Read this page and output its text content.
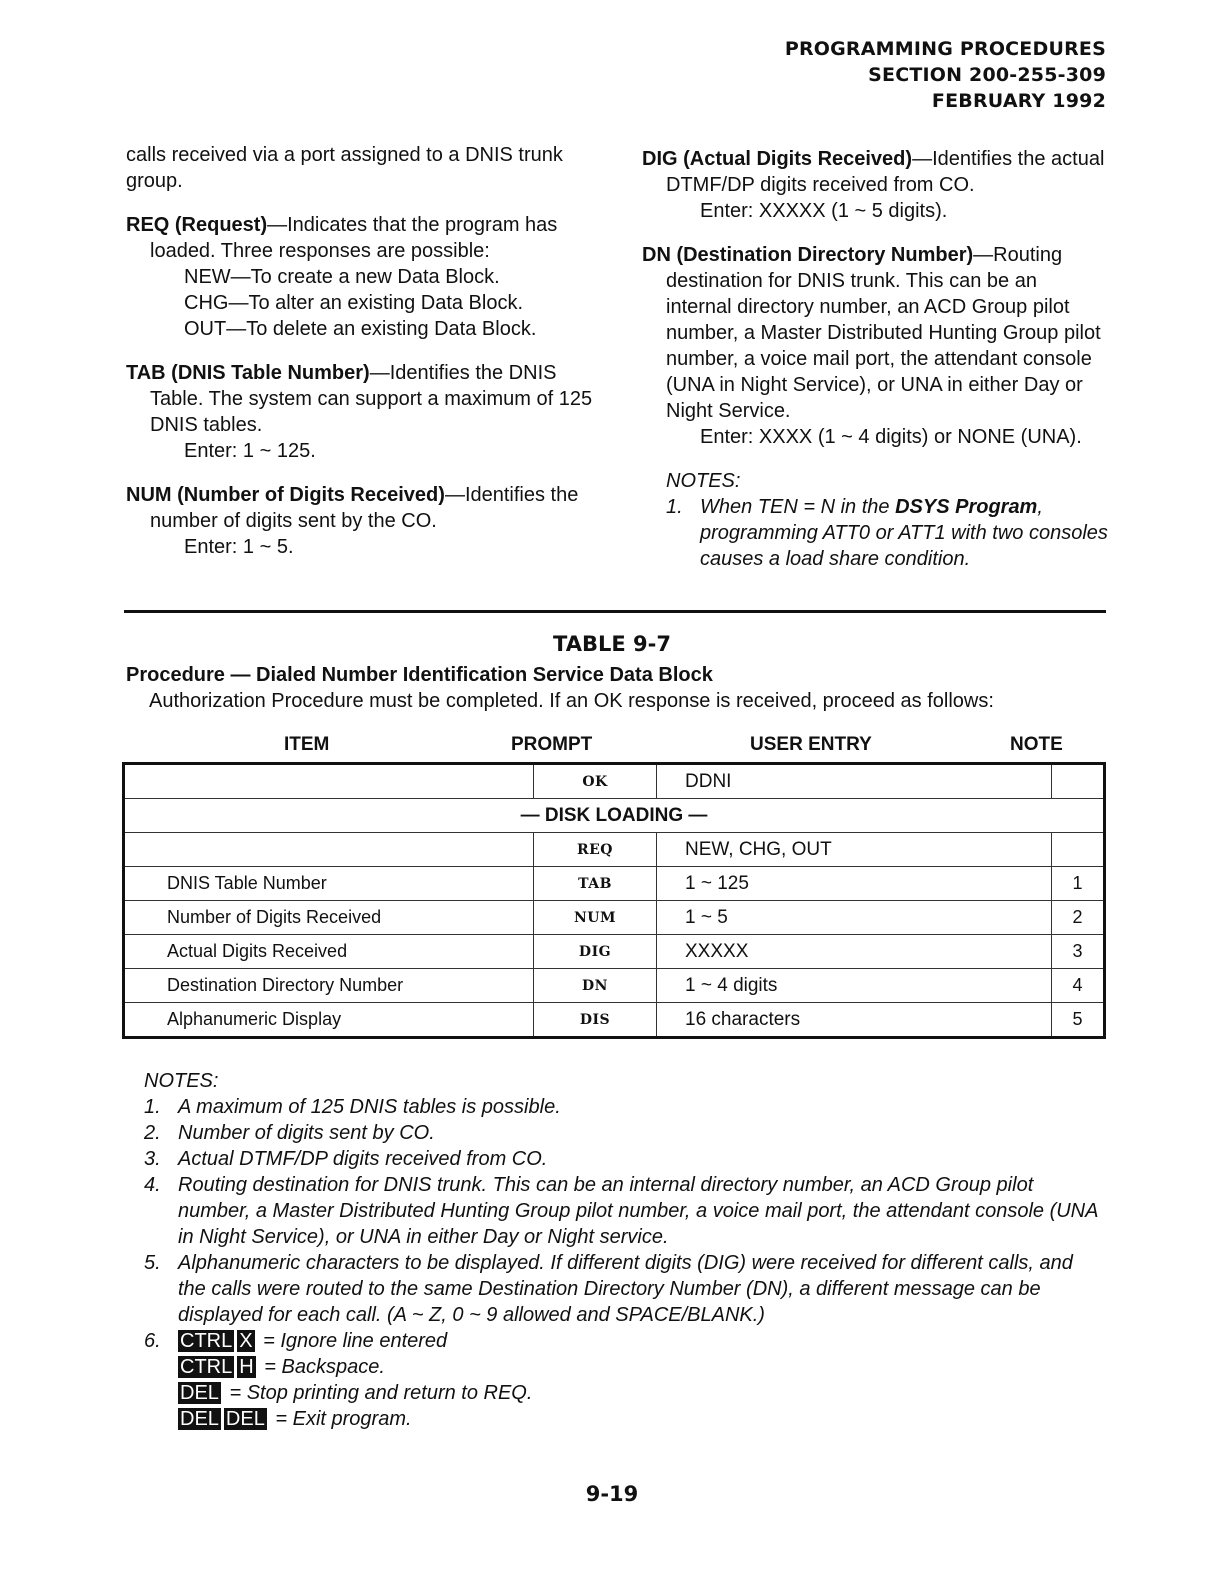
PROGRAMMING PROCEDURES
SECTION 200-255-309
FEBRUARY 1992

calls received via a port assigned to a DNIS trunk group.

REQ (Request)—Indicates that the program has loaded. Three responses are possible:
NEW—To create a new Data Block.
CHG—To alter an existing Data Block.
OUT—To delete an existing Data Block.
TAB (DNIS Table Number)—Identifies the DNIS Table. The system can support a maximum of 125 DNIS tables.
Enter: 1 ~ 125.
NUM (Number of Digits Received)—Identifies the number of digits sent by the CO.
Enter: 1 ~ 5.
DIG (Actual Digits Received)—Identifies the actual DTMF/DP digits received from CO.
Enter: XXXXX (1 ~ 5 digits).
DN (Destination Directory Number)—Routing destination for DNIS trunk. This can be an internal directory number, an ACD Group pilot number, a Master Distributed Hunting Group pilot number, a voice mail port, the attendant console (UNA in Night Service), or UNA in either Day or Night Service.
Enter: XXXX (1 ~ 4 digits) or NONE (UNA).
NOTES:
1. When TEN = N in the DSYS Program, programming ATT0 or ATT1 with two consoles causes a load share condition.
TABLE 9-7
Procedure — Dialed Number Identification Service Data Block
Authorization Procedure must be completed. If an OK response is received, proceed as follows:
ITEM	PROMPT	USER ENTRY	NOTE
	OK	DDNI	
— DISK LOADING —			
	REQ	NEW, CHG, OUT	
DNIS Table Number	TAB	1 ~ 125	1
Number of Digits Received	NUM	1 ~ 5	2
Actual Digits Received	DIG	XXXXX	3
Destination Directory Number	DN	1 ~ 4 digits	4
Alphanumeric Display	DIS	16 characters	5
NOTES:
1. A maximum of 125 DNIS tables is possible.
2. Number of digits sent by CO.
3. Actual DTMF/DP digits received from CO.
4. Routing destination for DNIS trunk. This can be an internal directory number, an ACD Group pilot number, a Master Distributed Hunting Group pilot number, a voice mail port, the attendant console (UNA in Night Service), or UNA in either Day or Night service.
5. Alphanumeric characters to be displayed. If different digits (DIG) were received for different calls, and the calls were routed to the same Destination Directory Number (DN), a different message can be displayed for each call. (A ~ Z, 0 ~ 9 allowed and SPACE/BLANK.)
6. CTRL X = Ignore line entered
CTRL H = Backspace.
DEL = Stop printing and return to REQ.
DEL DEL = Exit program.
9-19
